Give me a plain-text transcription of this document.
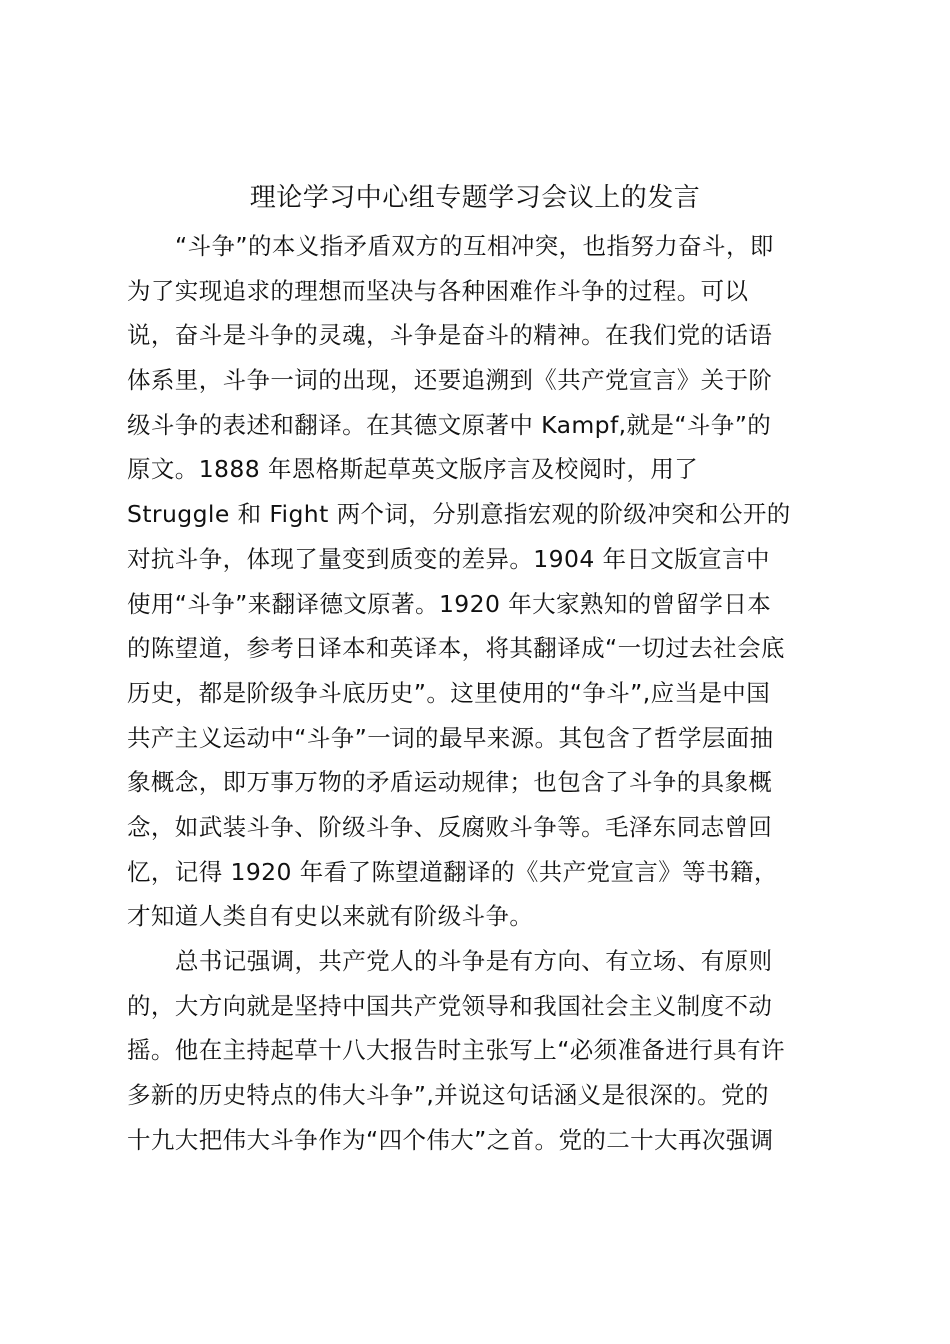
理论学习中心组专题学习会议上的发言
“斗争”的本义指矛盾双方的互相冲突，也指努力奋斗，即
为了实现追求的理想而坚决与各种困难作斗争的过程。可以
说，奋斗是斗争的灵魂，斗争是奋斗的精神。在我们党的话语
体系里，斗争一词的出现，还要追溯到《共产党宣言》关于阶
级斗争的表述和翻译。在其德文原著中 Kampf,就是“斗争”的
原文。1888 年恩格斯起草英文版序言及校阅时，用了
Struggle 和 Fight 两个词，分别意指宏观的阶级冲突和公开的
对抗斗争，体现了量变到质变的差异。1904 年日文版宣言中
使用“斗争”来翻译德文原著。1920 年大家熟知的曾留学日本
的陈望道，参考日译本和英译本，将其翻译成“一切过去社会底
历史，都是阶级争斗底历史”。这里使用的“争斗”,应当是中国
共产主义运动中“斗争”一词的最早来源。其包含了哲学层面抽
象概念，即万事万物的矛盾运动规律；也包含了斗争的具象概
念，如武装斗争、阶级斗争、反腐败斗争等。毛泽东同志曾回
忆，记得 1920 年看了陈望道翻译的《共产党宣言》等书籍，
才知道人类自有史以来就有阶级斗争。
总书记强调，共产党人的斗争是有方向、有立场、有原则
的，大方向就是坚持中国共产党领导和我国社会主义制度不动
摇。他在主持起草十八大报告时主张写上“必须准备进行具有许
多新的历史特点的伟大斗争”,并说这句话涵义是很深的。党的
十九大把伟大斗争作为“四个伟大”之首。党的二十大再次强调
